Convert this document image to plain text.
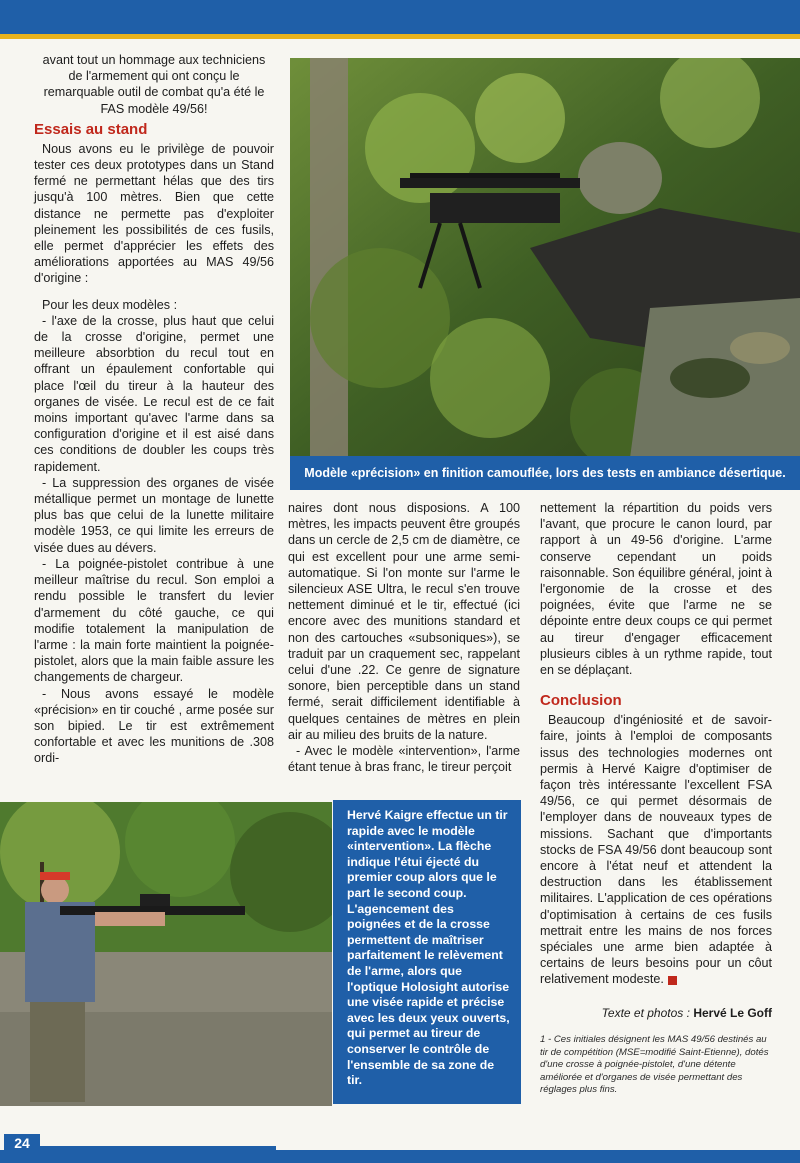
avant tout un hommage aux techniciens de l'armement qui ont conçu le remarquable outil de combat qu'a été le FAS modèle 49/56!

Essais au stand

Nous avons eu le privilège de pouvoir tester ces deux prototypes dans un Stand fermé ne permettant hélas que des tirs jusqu'à 100 mètres. Bien que cette distance ne permette pas d'exploiter pleinement les possibilités de ces fusils, elle permet d'apprécier les effets des améliorations apportées au MAS 49/56 d'origine :

Pour les deux modèles :

- l'axe de la crosse, plus haut que celui de la crosse d'origine, permet une meilleure absorbtion du recul tout en offrant un épaulement confortable qui place l'œil du tireur à la hauteur des organes de visée. Le recul est de ce fait moins important qu'avec l'arme dans sa configuration d'origine et il est aisé dans ces conditions de doubler les coups très rapidement.

- La suppression des organes de visée métallique permet un montage de lunette plus bas que celui de la lunette militaire modèle 1953, ce qui limite les erreurs de visée dues au dévers.

- La poignée-pistolet contribue à une meilleur maîtrise du recul. Son emploi a rendu possible le transfert du levier d'armement du côté gauche, ce qui modifie totalement la manipulation de l'arme : la main forte maintient la poignée-pistolet, alors que la main faible assure les changements de chargeur.

- Nous avons essayé le modèle «précision» en tir couché , arme posée sur son bipied. Le tir est extrêmement confortable et avec les munitions de .308 ordi-

Modèle «précision» en finition camouflée, lors des tests en ambiance désertique.

naires dont nous disposions. A 100 mètres, les impacts peuvent être groupés dans un cercle de 2,5 cm de diamètre, ce qui est excellent pour une arme semi-automatique. Si l'on monte sur l'arme le silencieux ASE Ultra, le recul s'en trouve nettement diminué et le tir, effectué (ici encore avec des munitions standard et non des cartouches «subsoniques»), se traduit par un craquement sec, rappelant celui d'une .22. Ce genre de signature sonore, bien perceptible dans un stand fermé, serait difficilement identifiable à quelques centaines de mètres en plein air au milieu des bruits de la nature.

- Avec le modèle «intervention», l'arme étant tenue à bras franc, le tireur perçoit

nettement la répartition du poids vers l'avant, que procure le canon lourd, par rapport à un 49-56 d'origine. L'arme conserve cependant un poids raisonnable. Son équilibre général, joint à l'ergonomie de la crosse et des poignées, évite que l'arme ne se dépointe entre deux coups ce qui permet au tireur d'engager efficacement plusieurs cibles à un rythme rapide, tout en se déplaçant.

Conclusion

Beaucoup d'ingéniosité et de savoir-faire, joints à l'emploi de composants issus des technologies modernes ont permis à Hervé Kaigre d'optimiser de façon très intéressante l'excellent FSA 49/56, ce qui permet désormais de l'employer dans de nouveaux types de missions. Sachant que d'importants stocks de FSA 49/56 dont beaucoup sont encore à l'état neuf et attendent la destruction dans les établissement militaires. L'application de ces opérations d'optimisation à certains de ces fusils mettrait entre les mains de nos forces spéciales une arme bien adaptée à certains de leurs besoins pour un côut relativement modeste.

Hervé Kaigre effectue un tir rapide avec le modèle «intervention». La flèche indique l'étui éjecté du premier coup alors que le part le second coup. L'agencement des poignées et de la crosse permettent de maîtriser parfaitement le relèvement de l'arme, alors que l'optique Holosight autorise une visée rapide et précise avec les deux yeux ouverts, qui permet au tireur de conserver le contrôle de l'ensemble de sa zone de tir.
Texte et photos : Hervé Le Goff
1 - Ces initiales désignent les MAS 49/56 destinés au tir de compétition (MSE=modifié Saint-Etienne), dotés d'une crosse à poignée-pistolet, d'une détente améliorée et d'organes de visée permettant des réglages plus fins.
24
